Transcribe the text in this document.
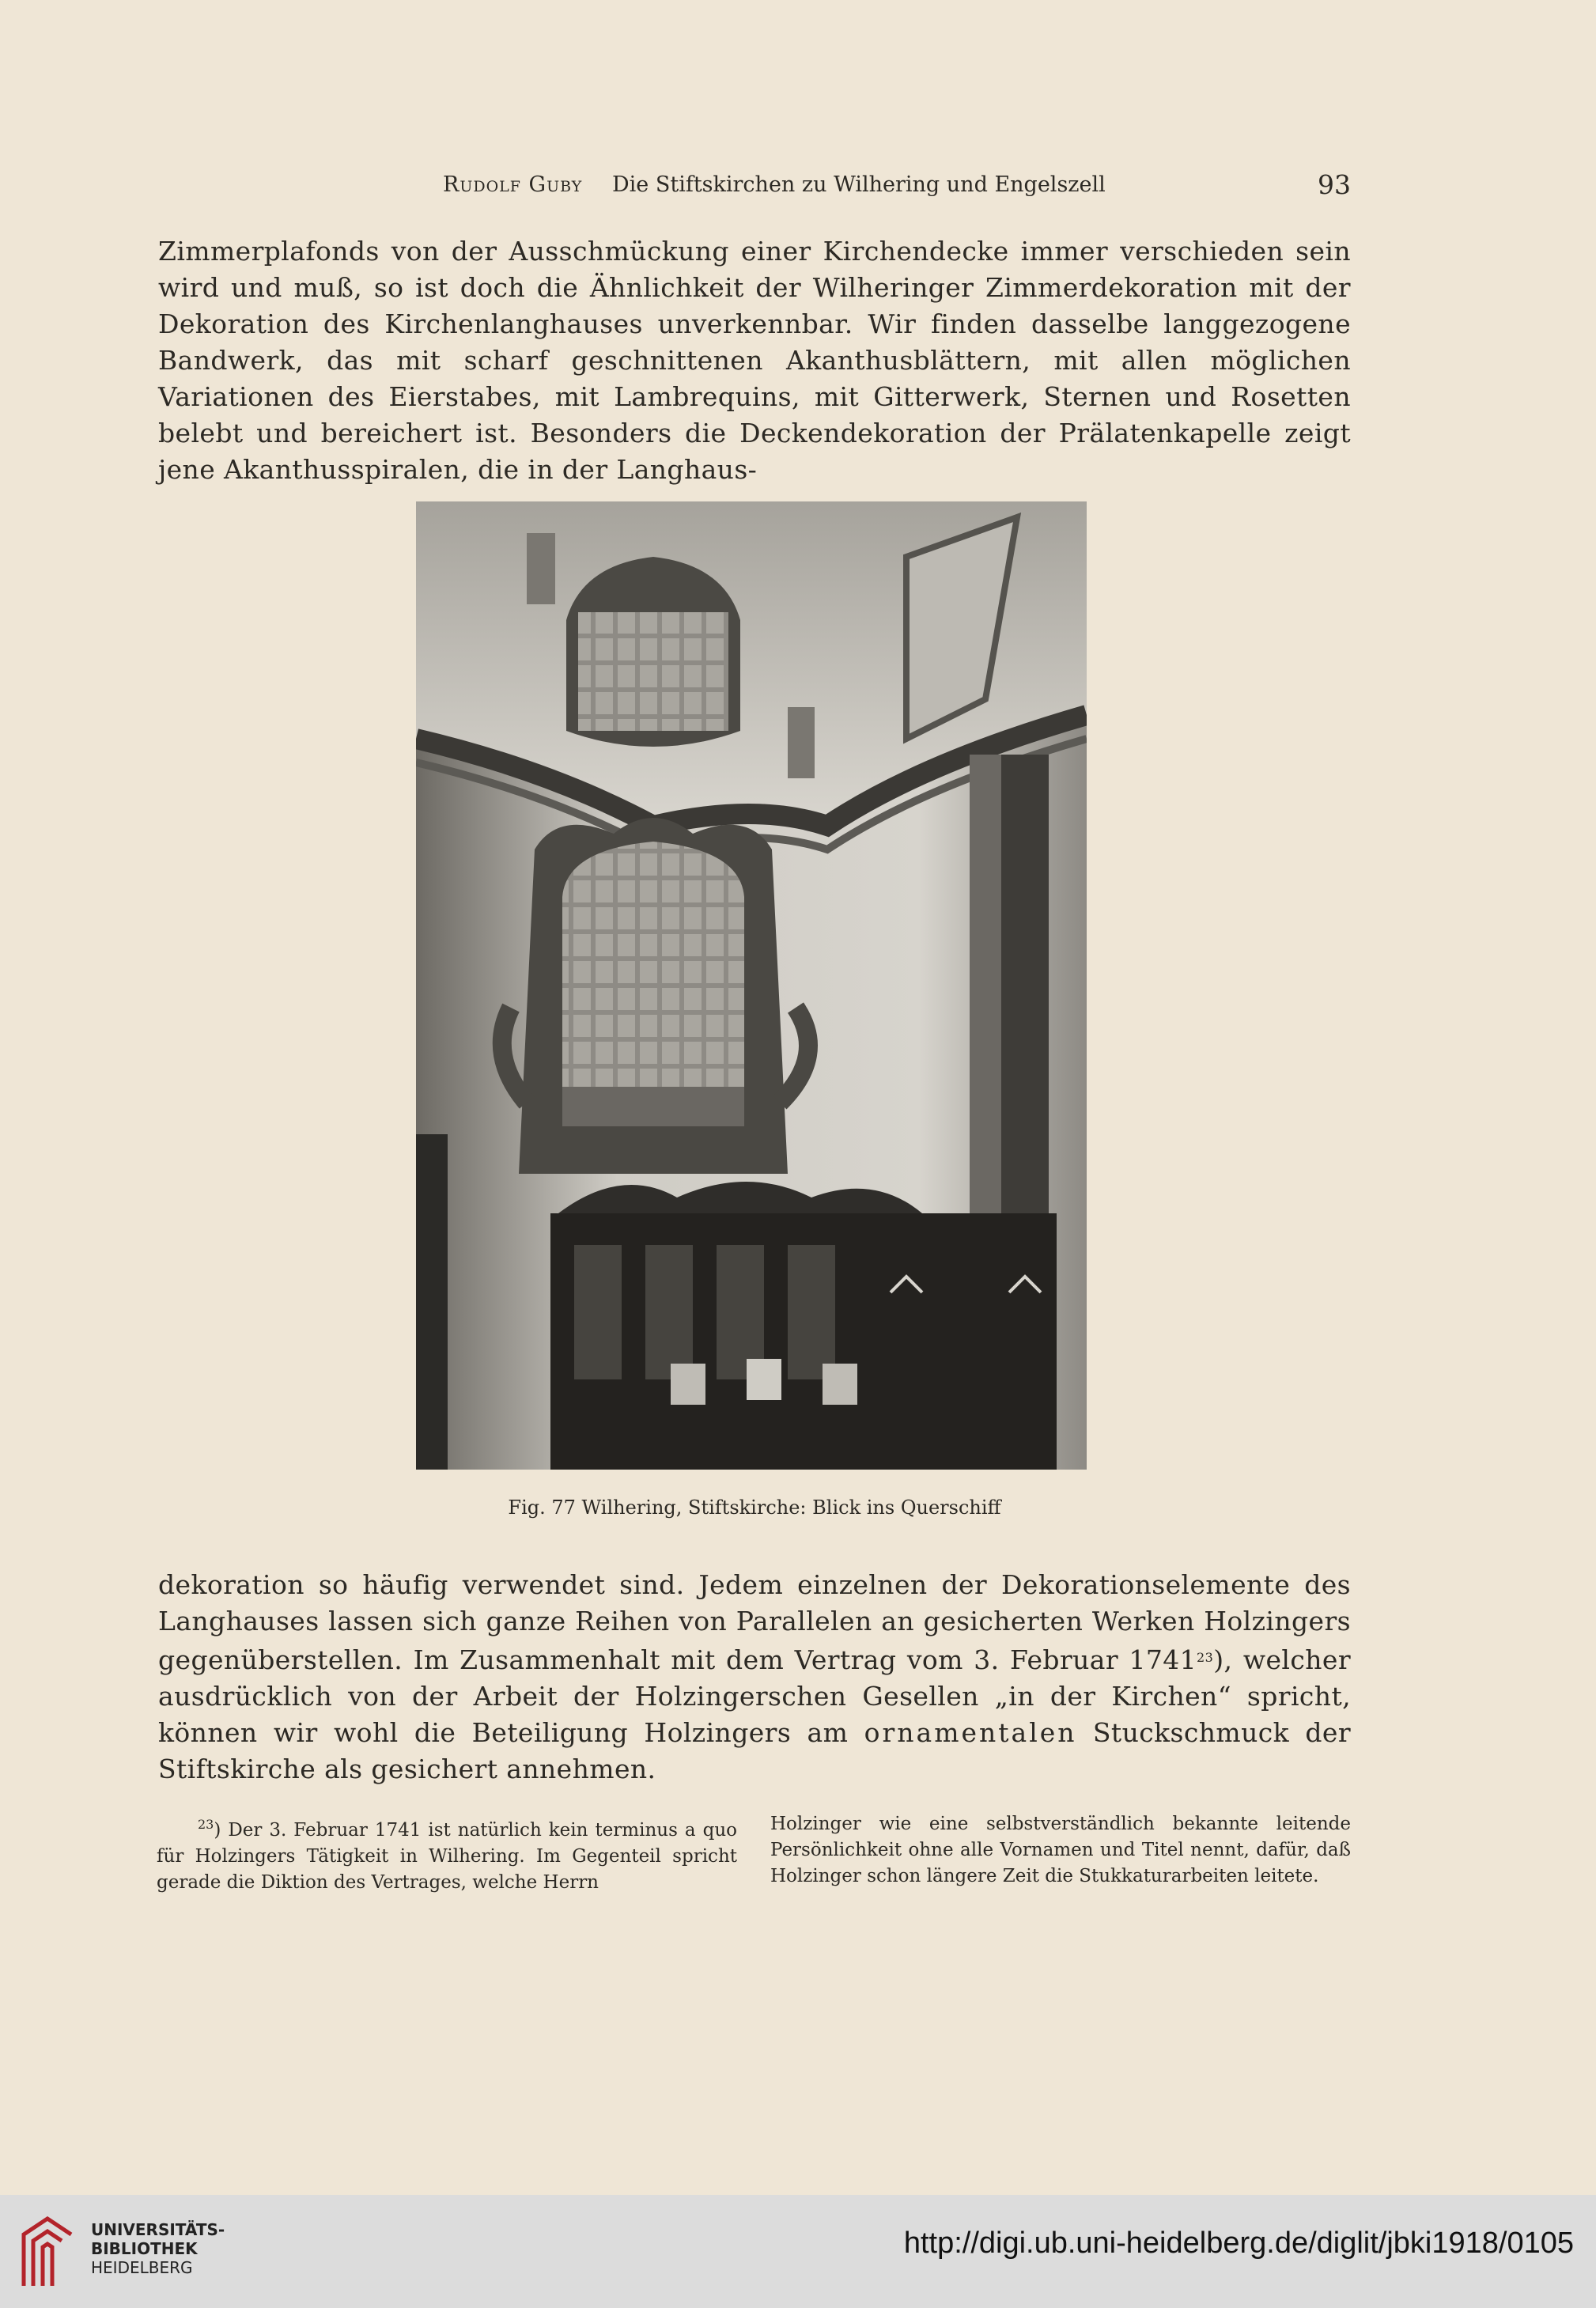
Rudolf Guby Die Stiftskirchen zu Wilhering und Engelszell	93

Zimmerplafonds von der Ausschmückung einer Kirchendecke immer verschieden sein wird und muß, so ist doch die Ähnlichkeit der Wilheringer Zimmerdekoration mit der Dekoration des Kirchenlanghauses unverkennbar. Wir finden dasselbe langgezogene Bandwerk, das mit scharf geschnittenen Akanthusblättern, mit allen möglichen Variationen des Eierstabes, mit Lambrequins, mit Gitterwerk, Sternen und Rosetten belebt und bereichert ist. Besonders die Deckendekoration der Prälatenkapelle zeigt jene Akanthusspiralen, die in der Langhaus-

Fig. 77 Wilhering, Stiftskirche: Blick ins Querschiff

dekoration so häufig verwendet sind. Jedem einzelnen der Dekorationselemente des Langhauses lassen sich ganze Reihen von Parallelen an gesicherten Werken Holzingers gegenüberstellen. Im Zusammenhalt mit dem Vertrag vom 3. Februar 1741$^{23}$), welcher ausdrücklich von der Arbeit der Holzingerschen Gesellen „in der Kirchen“ spricht, können wir wohl die Beteiligung Holzingers am ornamentalen Stuckschmuck der Stiftskirche als gesichert annehmen.

$^{23}$) Der 3. Februar 1741 ist natürlich kein terminus a quo für Holzingers Tätigkeit in Wilhering. Im Gegenteil spricht gerade die Diktion des Vertrages, welche Herrn

Holzinger wie eine selbstverständlich bekannte leitende Persönlichkeit ohne alle Vornamen und Titel nennt, dafür, daß Holzinger schon längere Zeit die Stukkaturarbeiten leitete.

UNIVERSITÄTS-
BIBLIOTHEK
HEIDELBERG
http://digi.ub.uni-heidelberg.de/diglit/jbki1918/0105
